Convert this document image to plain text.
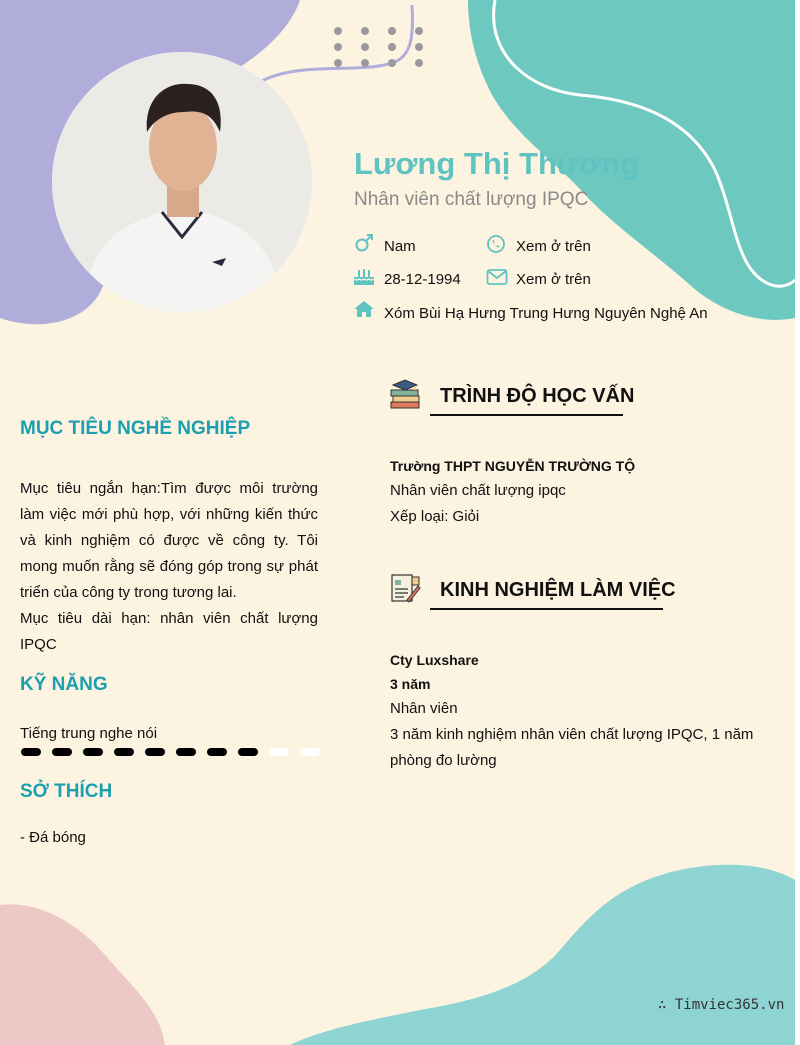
Lương Thị Thương
Nhân viên chất lượng IPQC
Nam	Xem ở trên
28-12-1994	Xem ở trên
Xóm Bùi Hạ Hưng Trung Hưng Nguyên Nghệ An
MỤC TIÊU NGHỀ NGHIỆP
Mục tiêu ngắn hạn:Tìm được môi trường làm việc mới phù hợp, với những kiến thức và kinh nghiệm có được về công ty. Tôi mong muốn rằng sẽ đóng góp trong sự phát triển của công ty trong tương lai.
Mục tiêu dài hạn: nhân viên chất lượng IPQC
KỸ NĂNG
Tiếng trung nghe nói
SỞ THÍCH
- Đá bóng
TRÌNH ĐỘ HỌC VẤN
Trường THPT NGUYỄN TRƯỜNG TỘ
Nhân viên chất lượng ipqc
Xếp loại: Giỏi
KINH NGHIỆM LÀM VIỆC
Cty Luxshare
3 năm
Nhân viên
3 năm kinh nghiệm nhân viên chất lượng IPQC, 1 năm phòng đo lường
∴ Timviec365.vn
